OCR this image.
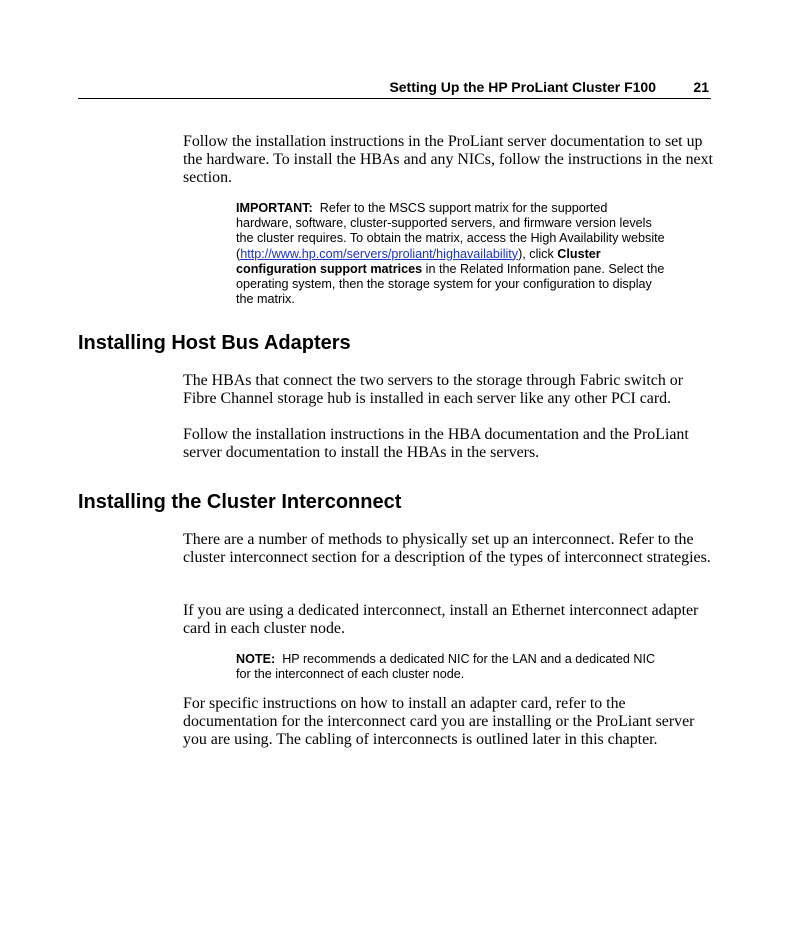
Setting Up the HP ProLiant Cluster F100	21

Follow the installation instructions in the ProLiant server documentation to set up the hardware. To install the HBAs and any NICs, follow the instructions in the next section.

IMPORTANT: Refer to the MSCS support matrix for the supported hardware, software, cluster-supported servers, and firmware version levels the cluster requires. To obtain the matrix, access the High Availability website (http://www.hp.com/servers/proliant/highavailability), click Cluster configuration support matrices in the Related Information pane. Select the operating system, then the storage system for your configuration to display the matrix.

Installing Host Bus Adapters

The HBAs that connect the two servers to the storage through Fabric switch or Fibre Channel storage hub is installed in each server like any other PCI card.

Follow the installation instructions in the HBA documentation and the ProLiant server documentation to install the HBAs in the servers.

Installing the Cluster Interconnect

There are a number of methods to physically set up an interconnect. Refer to the cluster interconnect section for a description of the types of interconnect strategies.

If you are using a dedicated interconnect, install an Ethernet interconnect adapter card in each cluster node.

NOTE: HP recommends a dedicated NIC for the LAN and a dedicated NIC for the interconnect of each cluster node.

For specific instructions on how to install an adapter card, refer to the documentation for the interconnect card you are installing or the ProLiant server you are using. The cabling of interconnects is outlined later in this chapter.
